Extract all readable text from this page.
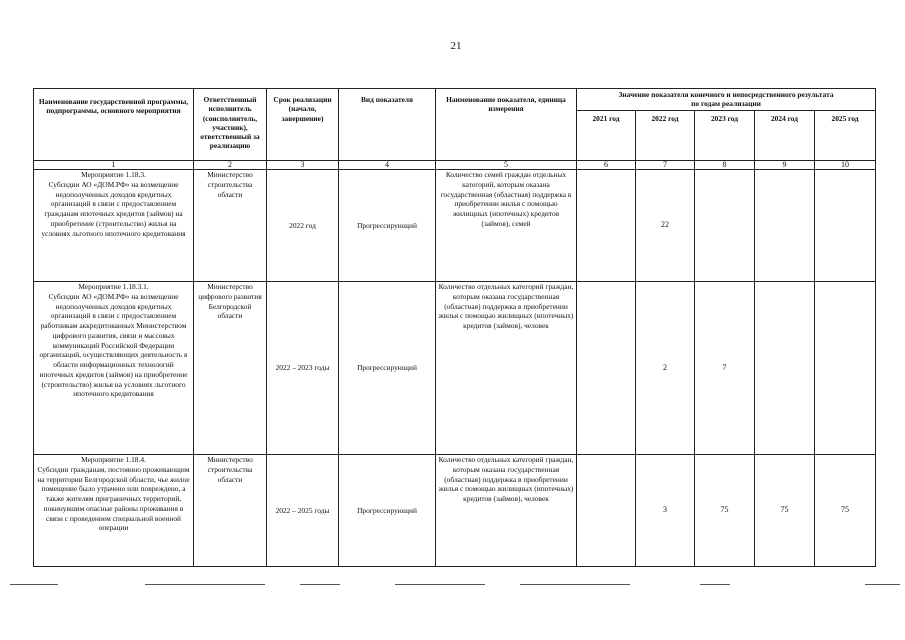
21
Наименование государственной программы, подпрограммы, основного мероприятия	Ответственный исполнитель (соисполнитель, участник), ответственный за реализацию	Срок реализации (начало, завершение)	Вид показателя	Наименование показателя, единица измерения	Значение показателя конечного и непосредственного результата по годам реализации				
					2021 год	2022 год	2023 год	2024 год	2025 год
1	2	3	4	5	6	7	8	9	10
Мероприятие 1.18.3.
Субсидии АО «ДОМ.РФ» на возмещение недополученных доходов кредитных организаций в связи с предоставлением гражданам ипотечных кредитов (займов) на приобретение (строительство) жилья на условиях льготного ипотечного кредитования	Министерство строительства области	2022 год	Прогрессирующий	Количество семей граждан отдельных категорий, которым оказана государственная (областная) поддержка в приобретении жилья с помощью жилищных (ипотечных) кредитов (займов), семей		22			
Мероприятие 1.18.3.1.
Субсидии АО «ДОМ.РФ» на возмещение недополученных доходов кредитных организаций в связи с предоставлением работникам аккредитованных Министерством цифрового развития, связи и массовых коммуникаций Российской Федерации организаций, осуществляющих деятельность в области информационных технологий ипотечных кредитов (займов) на приобретение (строительство) жилья на условиях льготного ипотечного кредитования	Министерство цифрового развития Белгородской области	2022 – 2023 годы	Прогрессирующий	Количество отдельных категорий граждан, которым оказана государственная (областная) поддержка в приобретении жилья с помощью жилищных (ипотечных) кредитов (займов), человек		2	7		
Мероприятие 1.18.4.
Субсидии гражданам, постоянно проживающим на территории Белгородской области, чье жилое помещение было утрачено или повреждено, а также жителям приграничных территорий, покинувшим опасные районы проживания в связи с проведением специальной военной операции	Министерство строительства области	2022 – 2025 годы	Прогрессирующий	Количество отдельных категорий граждан, которым оказана государственная (областная) поддержка в приобретении жилья с помощью жилищных (ипотечных) кредитов (займов), человек		3	75	75	75
